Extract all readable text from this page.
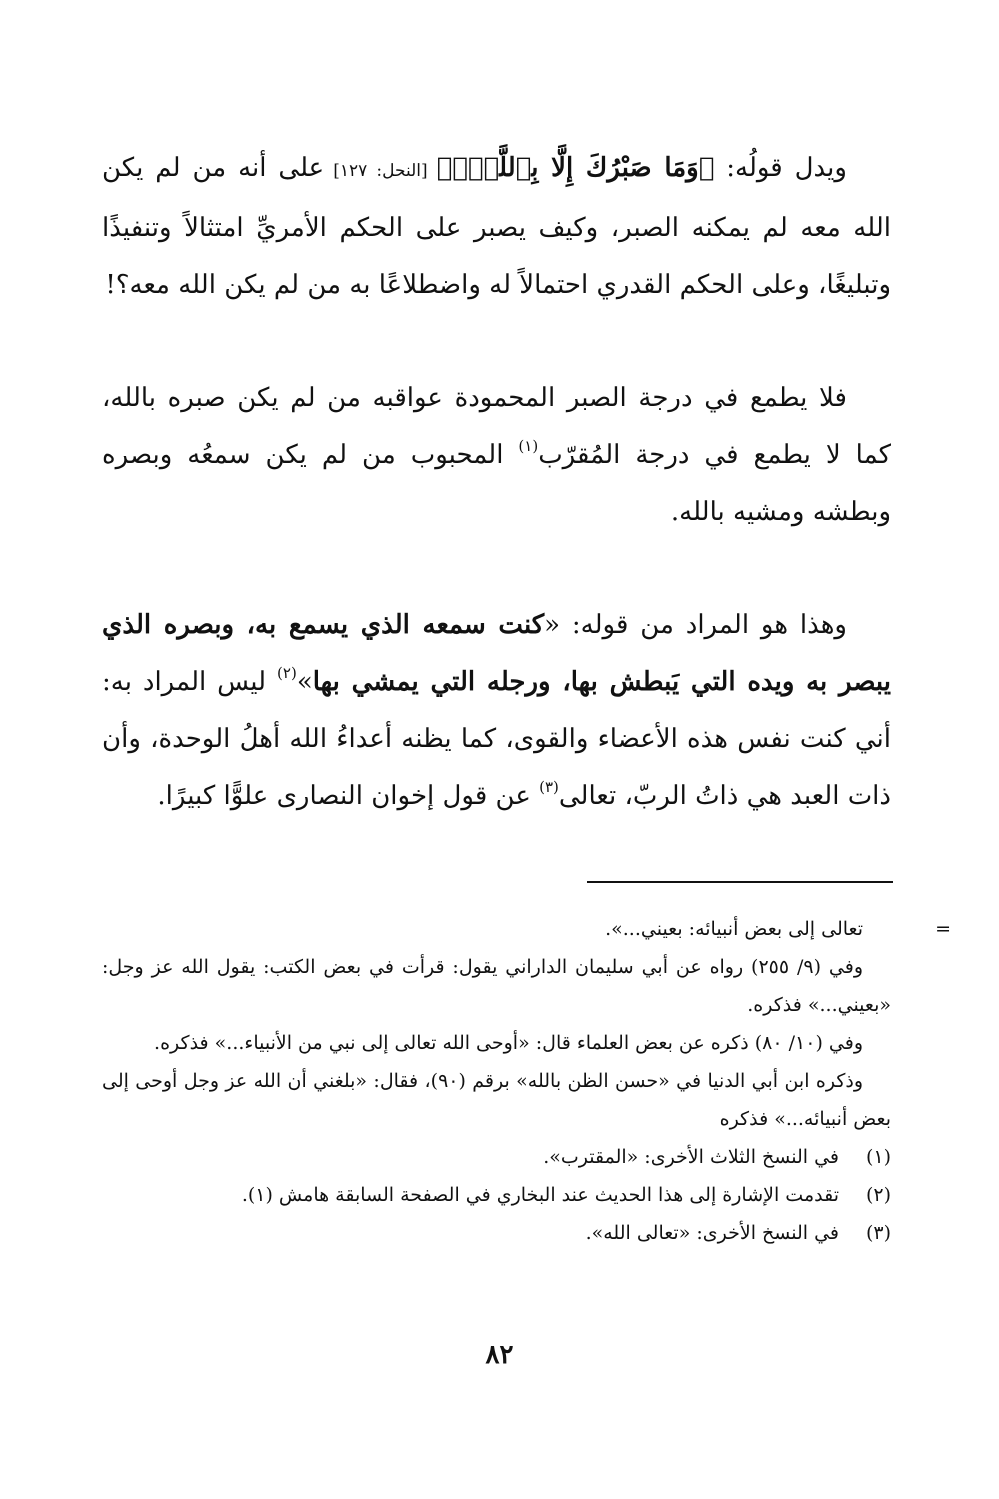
ويدل قولُه: ﴿وَمَا صَبْرُكَ إِلَّا بِٱللَّهِۚ﴾ [النحل: ١٢٧] على أنه من لم يكن الله معه لم يمكنه الصبر، وكيف يصبر على الحكم الأمريِّ امتثالاً وتنفيذًا وتبليغًا، وعلى الحكم القدري احتمالاً له واضطلاعًا به من لم يكن الله معه؟!

فلا يطمع في درجة الصبر المحمودة عواقبه من لم يكن صبره بالله، كما لا يطمع في درجة المُقرّب$^{(١)}$ المحبوب من لم يكن سمعُه وبصره وبطشه ومشيه بالله.

وهذا هو المراد من قوله: «كنت سمعه الذي يسمع به، وبصره الذي يبصر به ويده التي يَبطش بها، ورجله التي يمشي بها»$^{(٢)}$ ليس المراد به: أني كنت نفس هذه الأعضاء والقوى، كما يظنه أعداءُ الله أهلُ الوحدة، وأن ذات العبد هي ذاتُ الربّ، تعالى$^{(٣)}$ عن قول إخوان النصارى علوًّا كبيرًا.

=
تعالى إلى بعض أنبيائه: بعيني...».
وفي (٩/ ٢٥٥) رواه عن أبي سليمان الداراني يقول: قرأت في بعض الكتب: يقول الله عز وجل: «بعيني...» فذكره.
وفي (١٠/ ٨٠) ذكره عن بعض العلماء قال: «أوحى الله تعالى إلى نبي من الأنبياء...» فذكره.
وذكره ابن أبي الدنيا في «حسن الظن بالله» برقم (٩٠)، فقال: «بلغني أن الله عز وجل أوحى إلى بعض أنبيائه...» فذكره
(١)
في النسخ الثلاث الأخرى: «المقترب».
(٢)
تقدمت الإشارة إلى هذا الحديث عند البخاري في الصفحة السابقة هامش (١).
(٣)
في النسخ الأخرى: «تعالى الله».
٨٢
